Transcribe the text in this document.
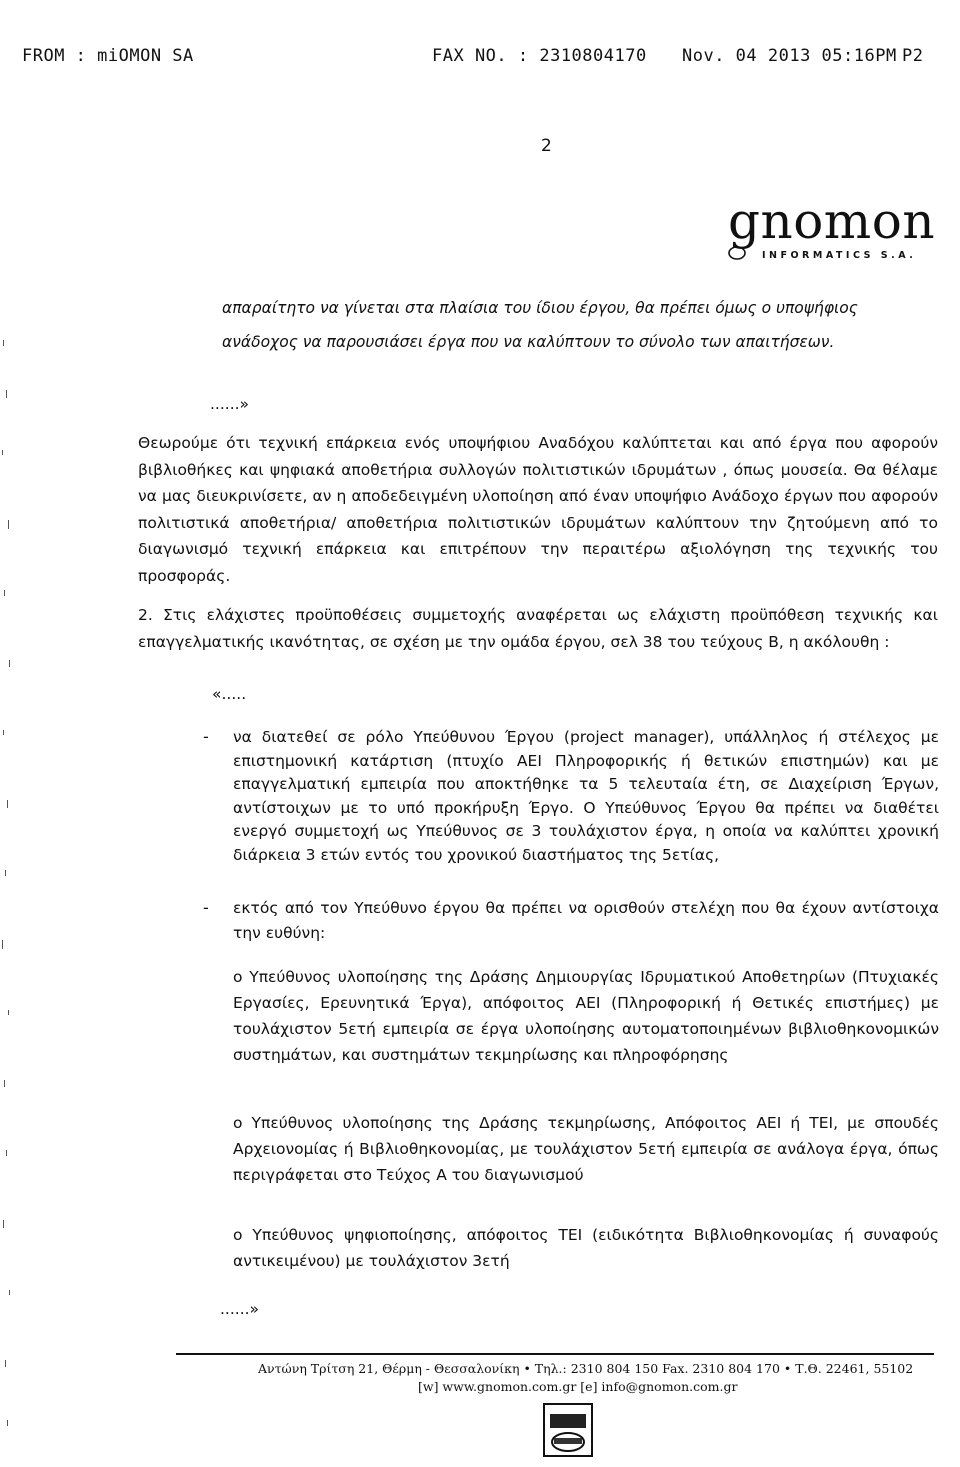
FROM : miOMON SA	FAX NO. : 2310804170 Nov. 04 2013 05:16PM P2
2
gnomon
INFORMATICS S.A.
απαραίτητο να γίνεται στα πλαίσια του ίδιου έργου, θα πρέπει όμως ο υποψήφιος
ανάδοχος να παρουσιάσει έργα που να καλύπτουν το σύνολο των απαιτήσεων.
......»

Θεωρούμε ότι τεχνική επάρκεια ενός υποψήφιου Αναδόχου καλύπτεται και από έργα που αφορούν βιβλιοθήκες και ψηφιακά αποθετήρια συλλογών πολιτιστικών ιδρυμάτων , όπως μουσεία. Θα θέλαμε να μας διευκρινίσετε, αν η αποδεδειγμένη υλοποίηση από έναν υποψήφιο Ανάδοχο έργων που αφορούν πολιτιστικά αποθετήρια/ αποθετήρια πολιτιστικών ιδρυμάτων καλύπτουν την ζητούμενη από το διαγωνισμό τεχνική επάρκεια και επιτρέπουν την περαιτέρω αξιολόγηση της τεχνικής του προσφοράς.

2. Στις ελάχιστες προϋποθέσεις συμμετοχής αναφέρεται ως ελάχιστη προϋπόθεση τεχνικής και επαγγελματικής ικανότητας, σε σχέση με την ομάδα έργου, σελ 38 του τεύχους Β, η ακόλουθη :

«.....
- να διατεθεί σε ρόλο Υπεύθυνου Έργου (project manager), υπάλληλος ή στέλεχος με επιστημονική κατάρτιση (πτυχίο ΑΕΙ Πληροφορικής ή θετικών επιστημών) και με επαγγελματική εμπειρία που αποκτήθηκε τα 5 τελευταία έτη, σε Διαχείριση Έργων, αντίστοιχων με το υπό προκήρυξη Έργο. Ο Υπεύθυνος Έργου θα πρέπει να διαθέτει ενεργό συμμετοχή ως Υπεύθυνος σε 3 τουλάχιστον έργα, η οποία να καλύπτει χρονική διάρκεια 3 ετών εντός του χρονικού διαστήματος της 5ετίας,

- εκτός από τον Υπεύθυνο έργου θα πρέπει να ορισθούν στελέχη που θα έχουν αντίστοιχα την ευθύνη:

ο Υπεύθυνος υλοποίησης της Δράσης Δημιουργίας Ιδρυματικού Αποθετηρίων (Πτυχιακές Εργασίες, Ερευνητικά Έργα), απόφοιτος ΑΕΙ (Πληροφορική ή Θετικές επιστήμες) με τουλάχιστον 5ετή εμπειρία σε έργα υλοποίησης αυτοματοποιημένων βιβλιοθηκονομικών συστημάτων, και συστημάτων τεκμηρίωσης και πληροφόρησης

ο Υπεύθυνος υλοποίησης της Δράσης τεκμηρίωσης, Απόφοιτος ΑΕΙ ή ΤΕΙ, με σπουδές Αρχειονομίας ή Βιβλιοθηκονομίας, με τουλάχιστον 5ετή εμπειρία σε ανάλογα έργα, όπως περιγράφεται στο Τεύχος Α του διαγωνισμού

ο Υπεύθυνος ψηφιοποίησης, απόφοιτος ΤΕΙ (ειδικότητα Βιβλιοθηκονομίας ή συναφούς αντικειμένου) με τουλάχιστον 3ετή

......»
Αντώνη Τρίτση 21, Θέρμη - Θεσσαλονίκη • Τηλ.: 2310 804 150 Fax. 2310 804 170 • Τ.Θ. 22461, 55102
[w] www.gnomon.com.gr [e] info@gnomon.com.gr
